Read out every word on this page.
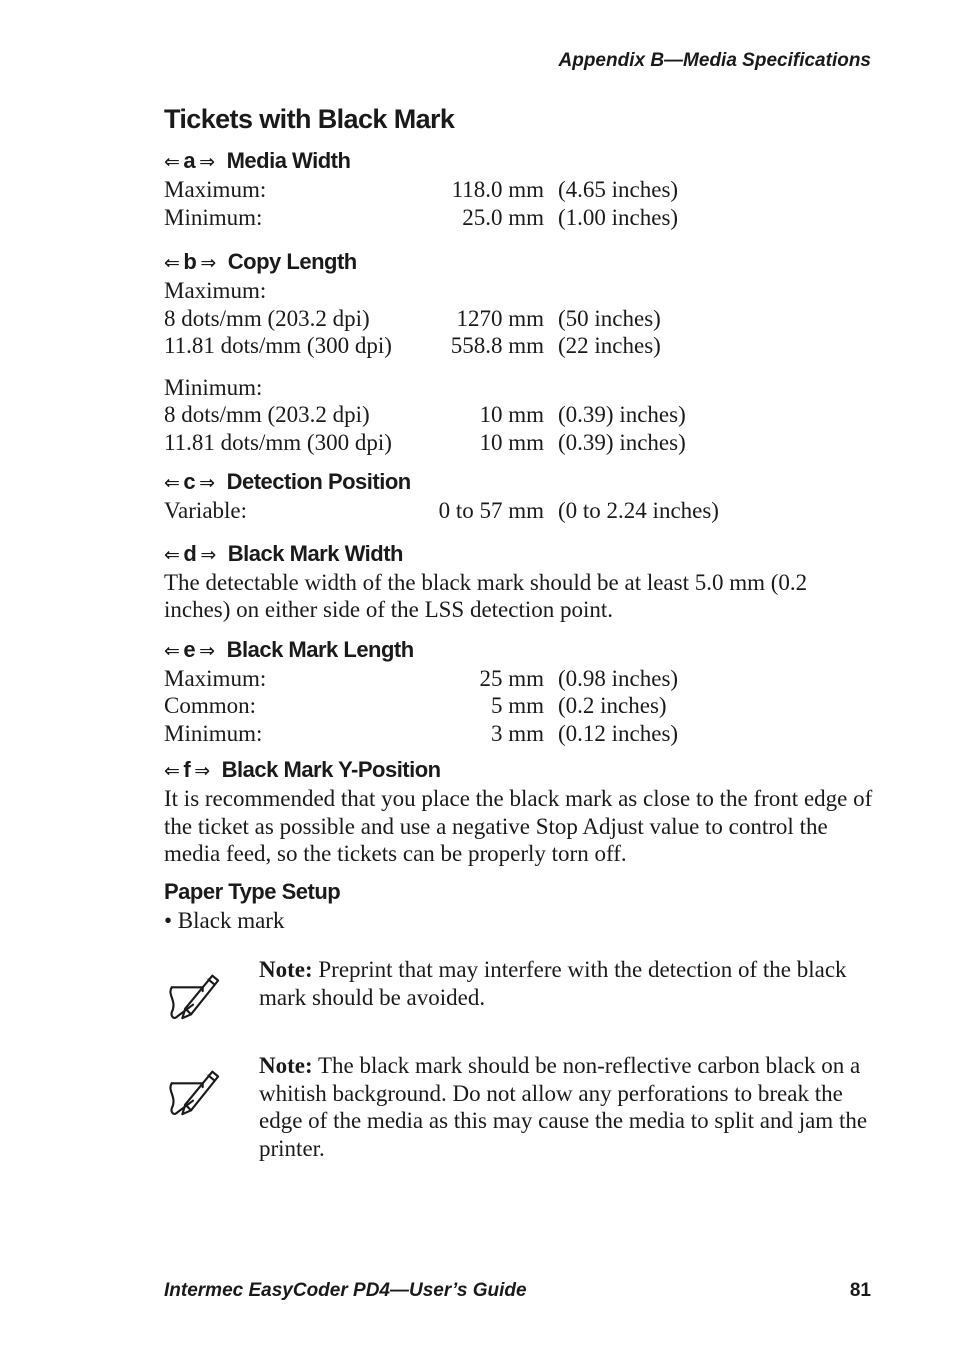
Appendix B—Media Specifications
Tickets with Black Mark
⇐ a ⇒ Media Width
Maximum:	118.0 mm (4.65 inches)
Minimum:	25.0 mm (1.00 inches)
⇐ b ⇒ Copy Length
Maximum:
8 dots/mm (203.2 dpi)	1270 mm (50 inches)
11.81 dots/mm (300 dpi)	558.8 mm (22 inches)
Minimum:
8 dots/mm (203.2 dpi)	10 mm (0.39) inches)
11.81 dots/mm (300 dpi)	10 mm (0.39) inches)
⇐ c ⇒ Detection Position
Variable:	0 to 57 mm (0 to 2.24 inches)
⇐ d ⇒ Black Mark Width

The detectable width of the black mark should be at least 5.0 mm (0.2 inches) on either side of the LSS detection point.

⇐ e ⇒ Black Mark Length
Maximum:	25 mm (0.98 inches)
Common:	5 mm (0.2 inches)
Minimum:	3 mm (0.12 inches)
⇐ f ⇒ Black Mark Y-Position

It is recommended that you place the black mark as close to the front edge of the ticket as possible and use a negative Stop Adjust value to control the media feed, so the tickets can be properly torn off.

Paper Type Setup

• Black mark

Note: Preprint that may interfere with the detection of the black mark should be avoided.

Note: The black mark should be non-reflective carbon black on a whitish background. Do not allow any perforations to break the edge of the media as this may cause the media to split and jam the printer.

Intermec EasyCoder PD4—User’s Guide	81
